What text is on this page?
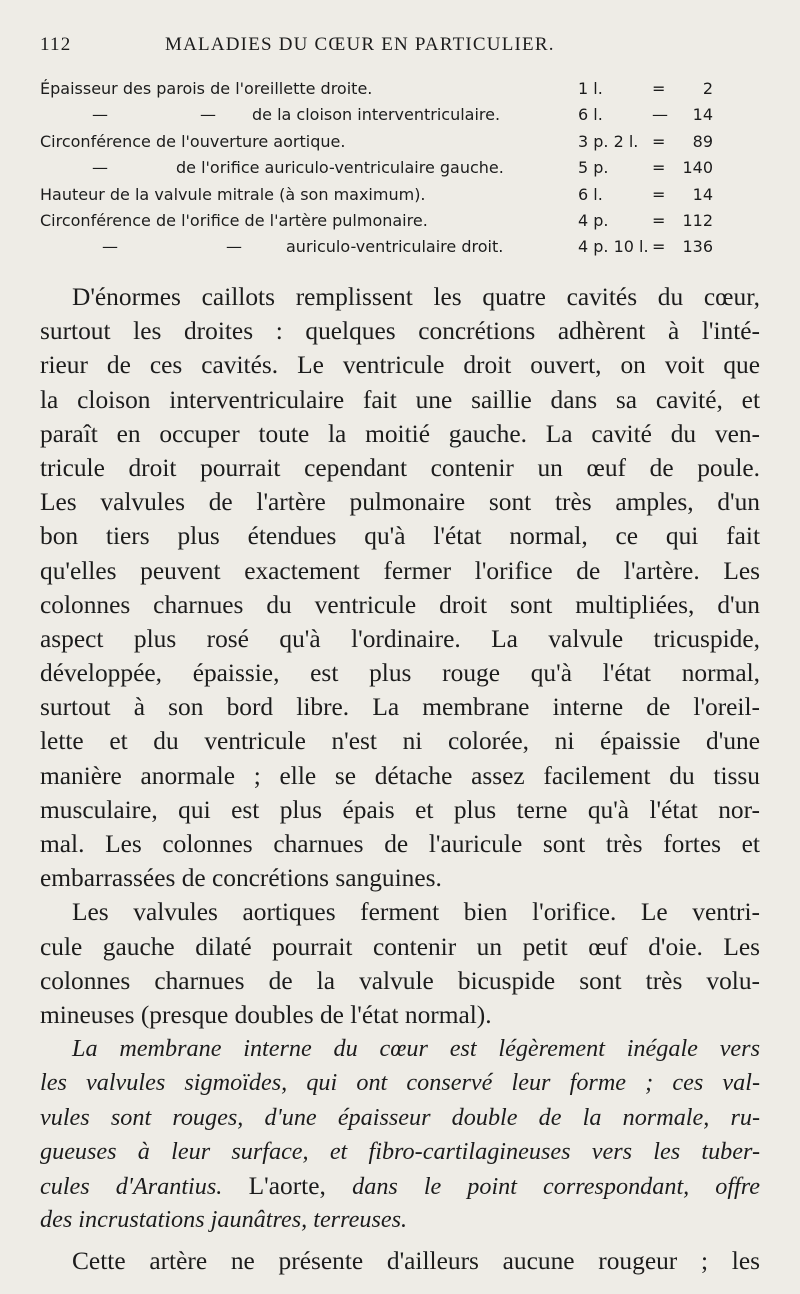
112	MALADIES DU CŒUR EN PARTICULIER.
Épaisseur des parois de l'oreillette droite.	1 l.	= 2
—	— de la cloison interventriculaire.	6 l.	— 14
Circonférence de l'ouverture aortique.	3 p. 2 l. = 89
—	de l'orifice auriculo-ventriculaire gauche.	5 p.	= 140
Hauteur de la valvule mitrale (à son maximum).	6 l.	= 14
Circonférence de l'orifice de l'artère pulmonaire.	4 p.	= 112
—	—	auriculo-ventriculaire droit.	4 p. 10 l. = 136
D'énormes caillots remplissent les quatre cavités du cœur,
surtout les droites : quelques concrétions adhèrent à l'inté-
rieur de ces cavités. Le ventricule droit ouvert, on voit que
la cloison interventriculaire fait une saillie dans sa cavité, et
paraît en occuper toute la moitié gauche. La cavité du ven-
tricule droit pourrait cependant contenir un œuf de poule.
Les valvules de l'artère pulmonaire sont très amples, d'un
bon tiers plus étendues qu'à l'état normal, ce qui fait
qu'elles peuvent exactement fermer l'orifice de l'artère. Les
colonnes charnues du ventricule droit sont multipliées, d'un
aspect plus rosé qu'à l'ordinaire. La valvule tricuspide,
développée, épaissie, est plus rouge qu'à l'état normal,
surtout à son bord libre. La membrane interne de l'oreil-
lette et du ventricule n'est ni colorée, ni épaissie d'une
manière anormale ; elle se détache assez facilement du tissu
musculaire, qui est plus épais et plus terne qu'à l'état nor-
mal. Les colonnes charnues de l'auricule sont très fortes et
embarrassées de concrétions sanguines.
Les valvules aortiques ferment bien l'orifice. Le ventri-
cule gauche dilaté pourrait contenir un petit œuf d'oie. Les
colonnes charnues de la valvule bicuspide sont très volu-
mineuses (presque doubles de l'état normal).
La membrane interne du cœur est légèrement inégale vers
les valvules sigmoïdes, qui ont conservé leur forme ; ces val-
vules sont rouges, d'une épaisseur double de la normale, ru-
gueuses à leur surface, et fibro-cartilagineuses vers les tuber-
cules d'Arantius. L'aorte, dans le point correspondant, offre
des incrustations jaunâtres, terreuses.
Cette artère ne présente d'ailleurs aucune rougeur ; les
